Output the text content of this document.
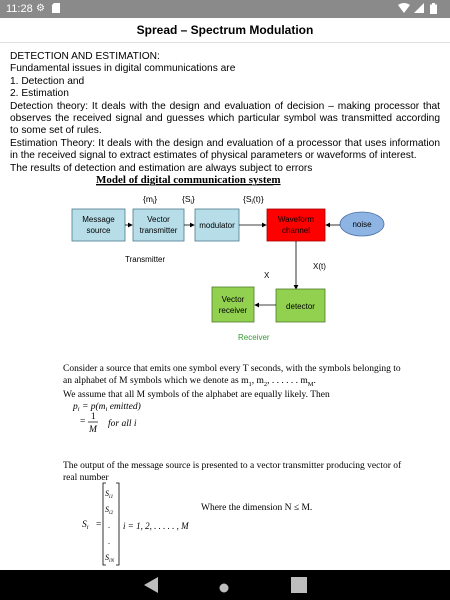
11:28 ⚙
Spread – Spectrum Modulation
DETECTION AND ESTIMATION:
Fundamental issues in digital communications are
1. Detection and
2. Estimation
Detection theory: It deals with the design and evaluation of decision – making processor that observes the received signal and guesses which particular symbol was transmitted according to some set of rules.
Estimation Theory: It deals with the design and evaluation of a processor that uses information in the received signal to extract estimates of physical parameters or waveforms of interest.
The results of detection and estimation are always subject to errors
Model of digital communication system
$\{m_i\}$	$\{S_i\}$	$\{S_i(t)\}$
Message
source
Vector
transmitter
modulator
Waveform
channel
noise
Transmitter
X
X(t)
Vector
receiver	detector
Receiver
Consider a source that emits one symbol every T seconds, with the symbols belonging to an alphabet of M symbols which we denote as $m_1$, $m_2$, . . . . . . $m_M$.
We assume that all M symbols of the alphabet are equally likely. Then
$p_i = p(m_i$ emitted)
= 1
M
for all i
The output of the message source is presented to a vector transmitter producing vector of real number
$S_i$ =
$S_{i1}$
$S_{i2}$
.
.
$S_{iN}$
i = 1, 2, . . . . . , M
Where the dimension N ≤ M.
